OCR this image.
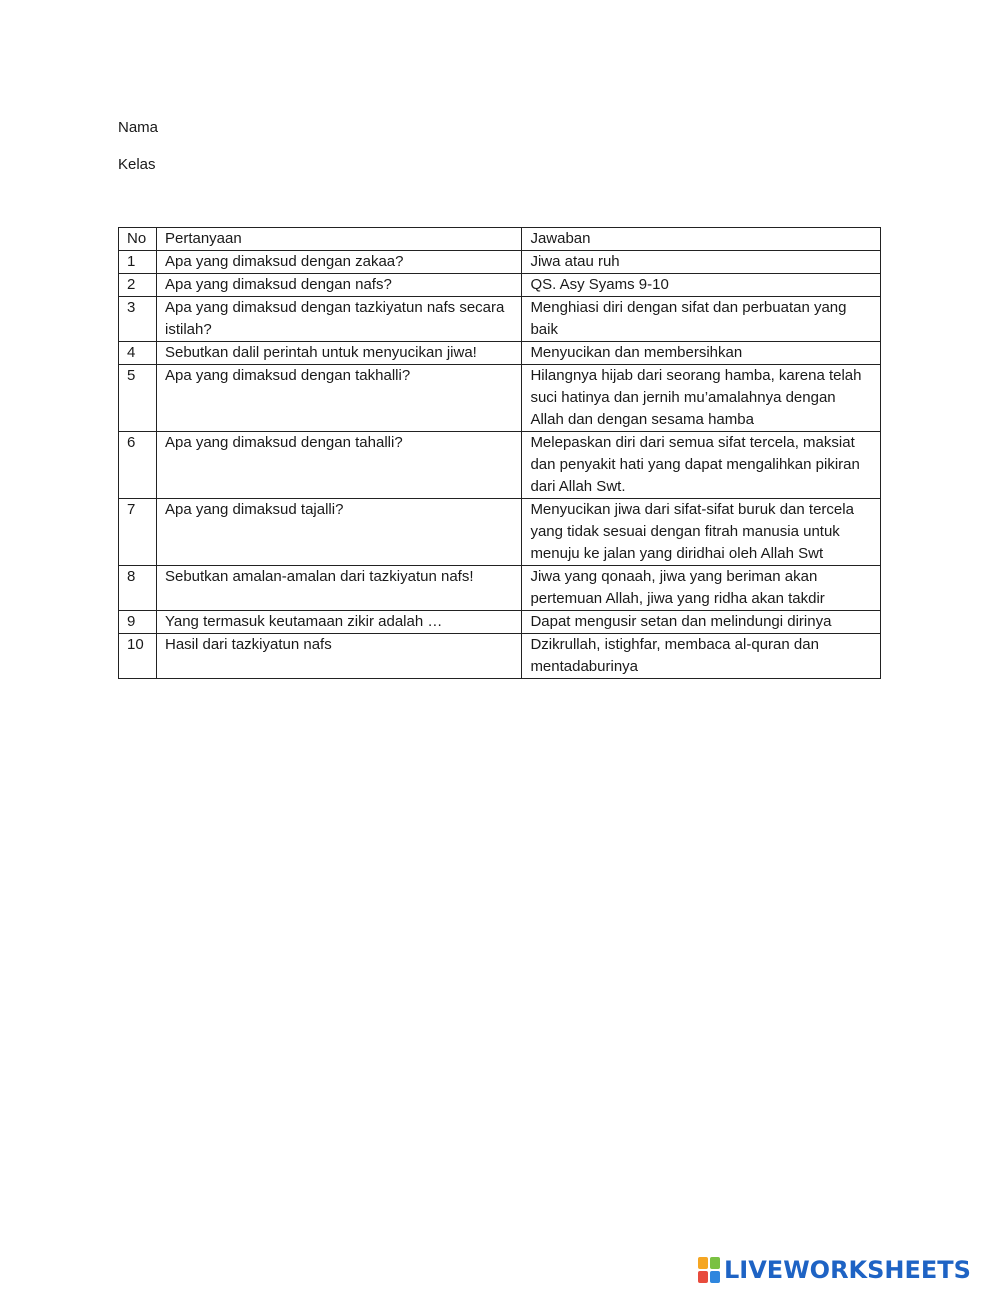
Nama
Kelas
No	Pertanyaan	Jawaban
1	Apa yang dimaksud dengan zakaa?	Jiwa atau ruh
2	Apa yang dimaksud dengan nafs?	QS. Asy Syams 9-10
3	Apa yang dimaksud dengan tazkiyatun nafs secara istilah?	Menghiasi diri dengan sifat dan perbuatan yang baik
4	Sebutkan dalil perintah untuk menyucikan jiwa!	Menyucikan dan membersihkan
5	Apa yang dimaksud dengan takhalli?	Hilangnya hijab dari seorang hamba, karena telah suci hatinya dan jernih mu’amalahnya dengan Allah dan dengan sesama hamba
6	Apa yang dimaksud dengan tahalli?	Melepaskan diri dari semua sifat tercela, maksiat dan penyakit hati yang dapat mengalihkan pikiran dari Allah Swt.
7	Apa yang dimaksud tajalli?	Menyucikan jiwa dari sifat-sifat buruk dan tercela yang tidak sesuai dengan fitrah manusia untuk menuju ke jalan yang diridhai oleh Allah Swt
8	Sebutkan amalan-amalan dari tazkiyatun nafs!	Jiwa yang qonaah, jiwa yang beriman akan pertemuan Allah, jiwa yang ridha akan takdir
9	Yang termasuk keutamaan zikir adalah …	Dapat mengusir setan dan melindungi dirinya
10	Hasil dari tazkiyatun nafs	Dzikrullah, istighfar, membaca al-quran dan mentadaburinya
LIVEWORKSHEETS
